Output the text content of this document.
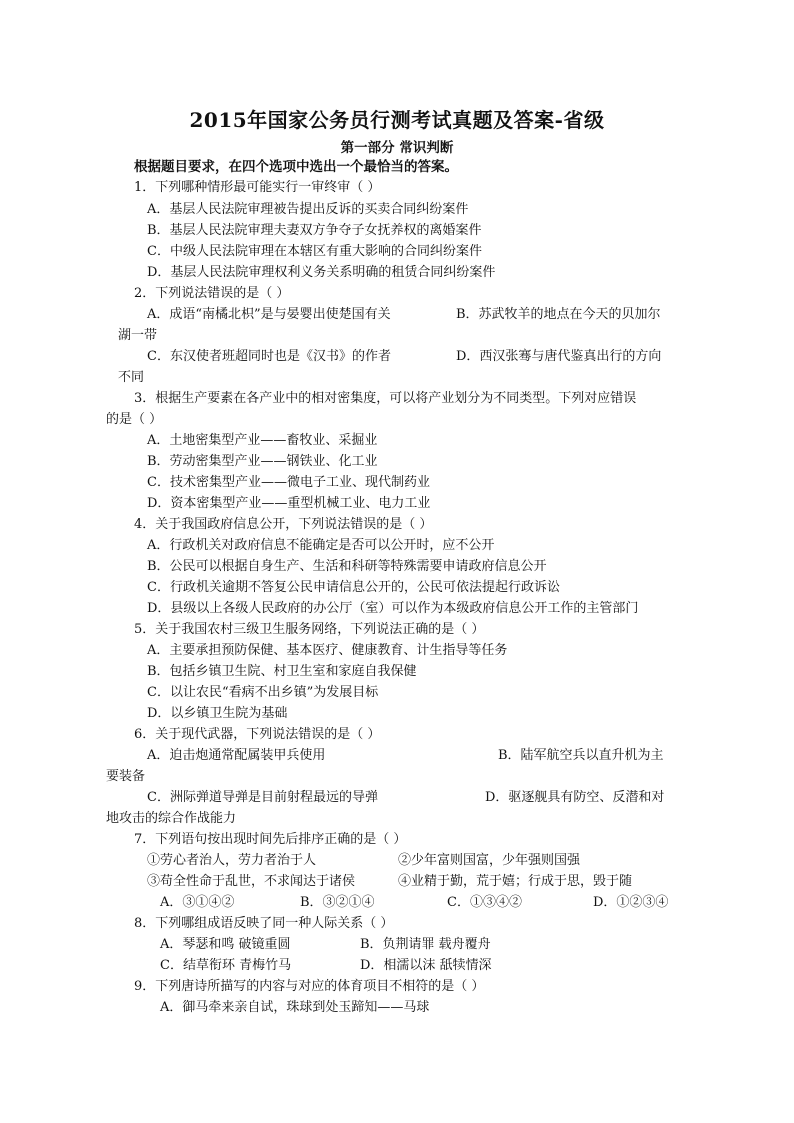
2015年国家公务员行测考试真题及答案-省级
第一部分 常识判断
根据题目要求，在四个选项中选出一个最恰当的答案。
1．下列哪种情形最可能实行一审终审（ ）
A．基层人民法院审理被告提出反诉的买卖合同纠纷案件
B．基层人民法院审理夫妻双方争夺子女抚养权的离婚案件
C．中级人民法院审理在本辖区有重大影响的合同纠纷案件
D．基层人民法院审理权利义务关系明确的租赁合同纠纷案件
2．下列说法错误的是（ ）
A．成语“南橘北枳”是与晏婴出使楚国有关	B．苏武牧羊的地点在今天的贝加尔
湖一带
C．东汉使者班超同时也是《汉书》的作者	D．西汉张骞与唐代鉴真出行的方向
不同
3．根据生产要素在各产业中的相对密集度，可以将产业划分为不同类型。下列对应错误
的是（ ）
A．土地密集型产业——畜牧业、采掘业
B．劳动密集型产业——钢铁业、化工业
C．技术密集型产业——微电子工业、现代制药业
D．资本密集型产业——重型机械工业、电力工业
4．关于我国政府信息公开，下列说法错误的是（ ）
A．行政机关对政府信息不能确定是否可以公开时，应不公开
B．公民可以根据自身生产、生活和科研等特殊需要申请政府信息公开
C．行政机关逾期不答复公民申请信息公开的，公民可依法提起行政诉讼
D．县级以上各级人民政府的办公厅（室）可以作为本级政府信息公开工作的主管部门
5．关于我国农村三级卫生服务网络，下列说法正确的是（ ）
A．主要承担预防保健、基本医疗、健康教育、计生指导等任务
B．包括乡镇卫生院、村卫生室和家庭自我保健
C．以让农民“看病不出乡镇”为发展目标
D．以乡镇卫生院为基础
6．关于现代武器，下列说法错误的是（ ）
A．迫击炮通常配属装甲兵使用	B．陆军航空兵以直升机为主
要装备
C．洲际弹道导弹是目前射程最远的导弹	D．驱逐舰具有防空、反潜和对
地攻击的综合作战能力
7．下列语句按出现时间先后排序正确的是（ ）
①劳心者治人，劳力者治于人	②少年富则国富，少年强则国强
③苟全性命于乱世，不求闻达于诸侯	④业精于勤，荒于嬉；行成于思，毁于随
A．③①④②	B．③②①④	C．①③④②	D．①②③④
8．下列哪组成语反映了同一种人际关系（ ）
A．琴瑟和鸣 破镜重圆	B．负荆请罪 载舟覆舟
C．结草衔环 青梅竹马	D．相濡以沫 舐犊情深
9．下列唐诗所描写的内容与对应的体育项目不相符的是（ ）
A．御马牵来亲自试，珠球到处玉蹄知——马球
